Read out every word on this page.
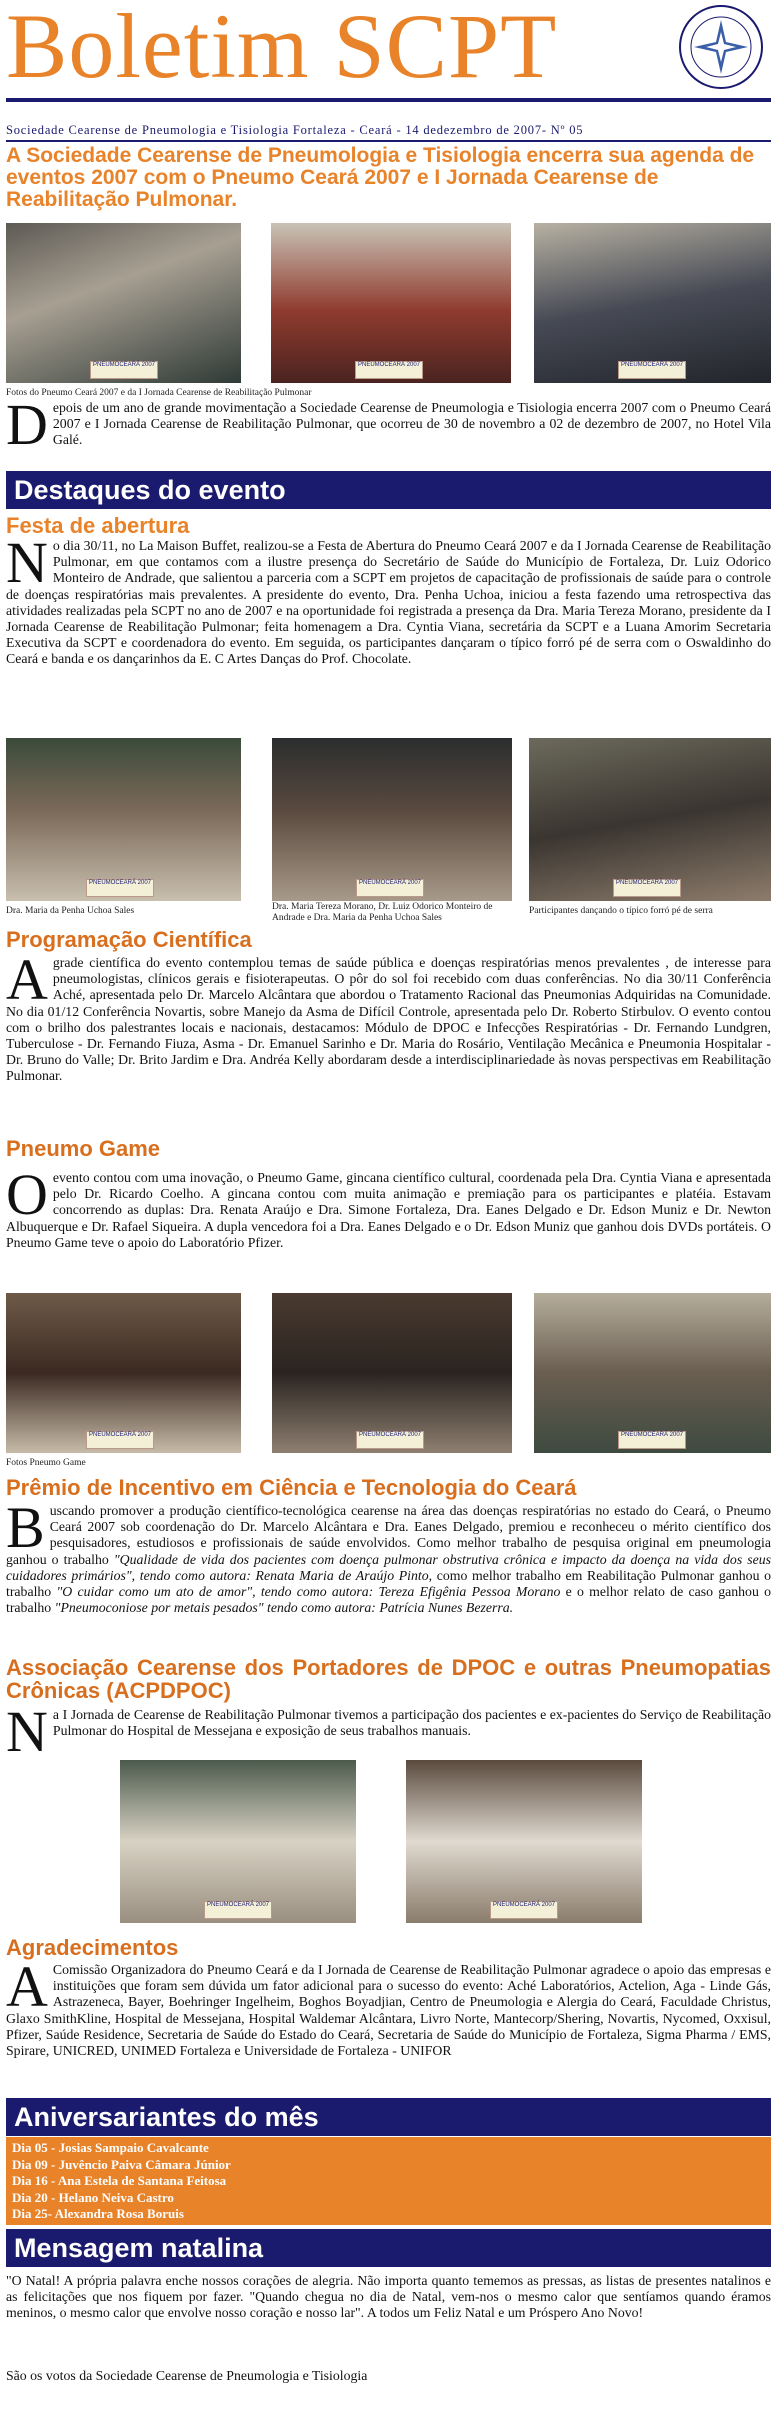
Boletim SCPT
Sociedade Cearense de Pneumologia e Tisiologia Fortaleza - Ceará - 14 dedezembro de 2007- Nº 05
A Sociedade Cearense de Pneumologia e Tisiologia encerra sua agenda de eventos 2007 com o Pneumo Ceará 2007 e I Jornada Cearense de Reabilitação Pulmonar.
PNEUMOCEARÁ 2007	PNEUMOCEARÁ 2007	PNEUMOCEARÁ 2007
Fotos do Pneumo Ceará 2007 e da I Jornada Cearense de Reabilitação Pulmonar
Depois de um ano de grande movimentação a Sociedade Cearense de Pneumologia e Tisiologia encerra 2007 com o Pneumo Ceará 2007 e I Jornada Cearense de Reabilitação Pulmonar, que ocorreu de 30 de novembro a 02 de dezembro de 2007, no Hotel Vila Galé.
Destaques do evento
Festa de abertura
No dia 30/11, no La Maison Buffet, realizou-se a Festa de Abertura do Pneumo Ceará 2007 e da I Jornada Cearense de Reabilitação Pulmonar, em que contamos com a ilustre presença do Secretário de Saúde do Município de Fortaleza, Dr. Luiz Odorico Monteiro de Andrade, que salientou a parceria com a SCPT em projetos de capacitação de profissionais de saúde para o controle de doenças respiratórias mais prevalentes. A presidente do evento, Dra. Penha Uchoa, iniciou a festa fazendo uma retrospectiva das atividades realizadas pela SCPT no ano de 2007 e na oportunidade foi registrada a presença da Dra. Maria Tereza Morano, presidente da I Jornada Cearense de Reabilitação Pulmonar; feita homenagem a Dra. Cyntia Viana, secretária da SCPT e a Luana Amorim Secretaria Executiva da SCPT e coordenadora do evento. Em seguida, os participantes dançaram o típico forró pé de serra com o Oswaldinho do Ceará e banda e os dançarinhos da E. C Artes Danças do Prof. Chocolate.
PNEUMOCEARÁ 2007	PNEUMOCEARÁ 2007	PNEUMOCEARÁ 2007
Dra. Maria da Penha Uchoa Sales	Dra. Maria Tereza Morano, Dr. Luiz Odorico Monteiro de Andrade e Dra. Maria da Penha Uchoa Sales
Participantes dançando o típico forró pé de serra
Programação Científica
A grade científica do evento contemplou temas de saúde pública e doenças respiratórias menos prevalentes , de interesse para pneumologistas, clínicos gerais e fisioterapeutas. O pôr do sol foi recebido com duas conferências. No dia 30/11 Conferência Aché, apresentada pelo Dr. Marcelo Alcântara que abordou o Tratamento Racional das Pneumonias Adquiridas na Comunidade. No dia 01/12 Conferência Novartis, sobre Manejo da Asma de Difícil Controle, apresentada pelo Dr. Roberto Stirbulov. O evento contou com o brilho dos palestrantes locais e nacionais, destacamos: Módulo de DPOC e Infecções Respiratórias - Dr. Fernando Lundgren, Tuberculose - Dr. Fernando Fiuza, Asma - Dr. Emanuel Sarinho e Dr. Maria do Rosário, Ventilação Mecânica e Pneumonia Hospitalar - Dr. Bruno do Valle; Dr. Brito Jardim e Dra. Andréa Kelly abordaram desde a interdisciplinariedade às novas perspectivas em Reabilitação Pulmonar.
Pneumo Game
O evento contou com uma inovação, o Pneumo Game, gincana científico cultural, coordenada pela Dra. Cyntia Viana e apresentada pelo Dr. Ricardo Coelho. A gincana contou com muita animação e premiação para os participantes e platéia. Estavam concorrendo as duplas: Dra. Renata Araújo e Dra. Simone Fortaleza, Dra. Eanes Delgado e Dr. Edson Muniz e Dr. Newton Albuquerque e Dr. Rafael Siqueira. A dupla vencedora foi a Dra. Eanes Delgado e o Dr. Edson Muniz que ganhou dois DVDs portáteis. O Pneumo Game teve o apoio do Laboratório Pfizer.
PNEUMOCEARÁ 2007	PNEUMOCEARÁ 2007	PNEUMOCEARÁ 2007
Fotos Pneumo Game
Prêmio de Incentivo em Ciência e Tecnologia do Ceará
Buscando promover a produção científico-tecnológica cearense na área das doenças respiratórias no estado do Ceará, o Pneumo Ceará 2007 sob coordenação do Dr. Marcelo Alcântara e Dra. Eanes Delgado, premiou e reconheceu o mérito científico dos pesquisadores, estudiosos e profissionais de saúde envolvidos. Como melhor trabalho de pesquisa original em pneumologia ganhou o trabalho "Qualidade de vida dos pacientes com doença pulmonar obstrutiva crônica e impacto da doença na vida dos seus cuidadores primários", tendo como autora: Renata Maria de Araújo Pinto, como melhor trabalho em Reabilitação Pulmonar ganhou o trabalho "O cuidar como um ato de amor", tendo como autora: Tereza Efigênia Pessoa Morano e o melhor relato de caso ganhou o trabalho "Pneumoconiose por metais pesados" tendo como autora: Patrícia Nunes Bezerra.
Associação Cearense dos Portadores de DPOC e outras Pneumopatias Crônicas (ACPDPOC)
Na I Jornada de Cearense de Reabilitação Pulmonar tivemos a participação dos pacientes e ex-pacientes do Serviço de Reabilitação Pulmonar do Hospital de Messejana e exposição de seus trabalhos manuais.
PNEUMOCEARÁ 2007	PNEUMOCEARÁ 2007
Agradecimentos
A Comissão Organizadora do Pneumo Ceará e da I Jornada de Cearense de Reabilitação Pulmonar agradece o apoio das empresas e instituições que foram sem dúvida um fator adicional para o sucesso do evento: Aché Laboratórios, Actelion, Aga - Linde Gás, Astrazeneca, Bayer, Boehringer Ingelheim, Boghos Boyadjian, Centro de Pneumologia e Alergia do Ceará, Faculdade Christus, Glaxo SmithKline, Hospital de Messejana, Hospital Waldemar Alcântara, Livro Norte, Mantecorp/Shering, Novartis, Nycomed, Oxxisul, Pfizer, Saúde Residence, Secretaria de Saúde do Estado do Ceará, Secretaria de Saúde do Município de Fortaleza, Sigma Pharma / EMS, Spirare, UNICRED, UNIMED Fortaleza e Universidade de Fortaleza - UNIFOR
Aniversariantes do mês
Dia 05 - Josias Sampaio Cavalcante
Dia 09 - Juvêncio Paiva Câmara Júnior
Dia 16 - Ana Estela de Santana Feitosa
Dia 20 - Helano Neiva Castro
Dia 25- Alexandra Rosa Boruis
Mensagem natalina
"O Natal! A própria palavra enche nossos corações de alegria. Não importa quanto tememos as pressas, as listas de presentes natalinos e as felicitações que nos fiquem por fazer. "Quando chegua no dia de Natal, vem-nos o mesmo calor que sentíamos quando éramos meninos, o mesmo calor que envolve nosso coração e nosso lar". A todos um Feliz Natal e um Próspero Ano Novo!
São os votos da Sociedade Cearense de Pneumologia e Tisiologia
